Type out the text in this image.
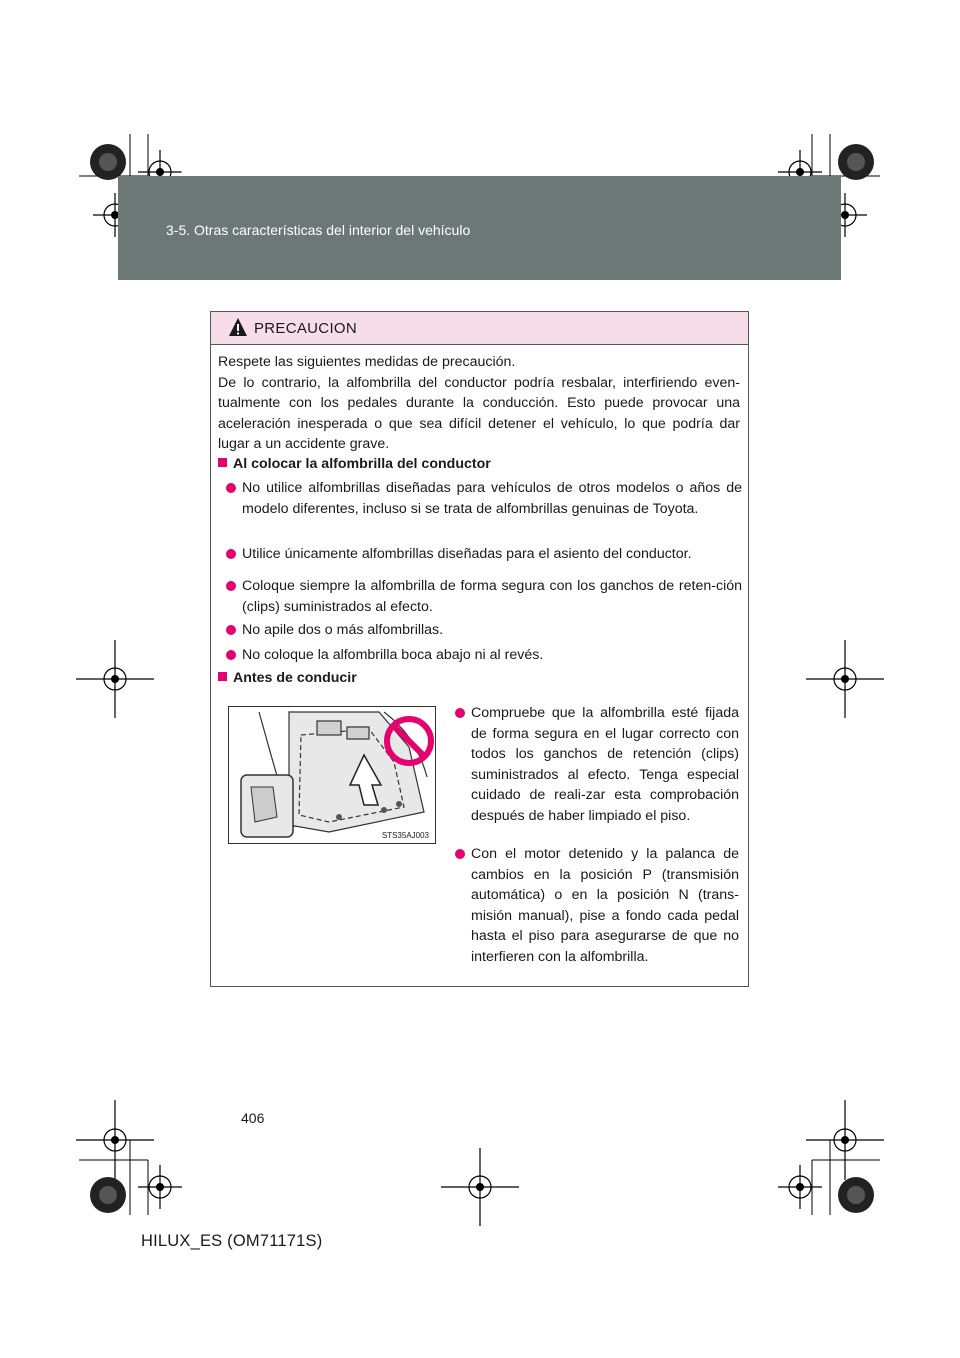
HILUX_ES.book  Page 406  Wednesday, March 23, 2011  4:15 PM
3-5. Otras características del interior del vehículo
PRECAUCION
Respete las siguientes medidas de precaución.
De lo contrario, la alfombrilla del conductor podría resbalar, interfiriendo even-tualmente con los pedales durante la conducción. Esto puede provocar una aceleración inesperada o que sea difícil detener el vehículo, lo que podría dar lugar a un accidente grave.
Al colocar la alfombrilla del conductor
No utilice alfombrillas diseñadas para vehículos de otros modelos o años de modelo diferentes, incluso si se trata de alfombrillas genuinas de Toyota.
Utilice únicamente alfombrillas diseñadas para el asiento del conductor.
Coloque siempre la alfombrilla de forma segura con los ganchos de reten-ción (clips) suministrados al efecto.
No apile dos o más alfombrillas.
No coloque la alfombrilla boca abajo ni al revés.
Antes de conducir
STS35AJ003
Compruebe que la alfombrilla esté fijada de forma segura en el lugar correcto con todos los ganchos de retención (clips) suministrados al efecto. Tenga especial cuidado de reali-zar esta comprobación después de haber limpiado el piso.
Con el motor detenido y la palanca de cambios en la posición P (transmisión automática) o en la posición N (trans-misión manual), pise a fondo cada pedal hasta el piso para asegurarse de que no interfieren con la alfombrilla.
406
HILUX_ES (OM71171S)
